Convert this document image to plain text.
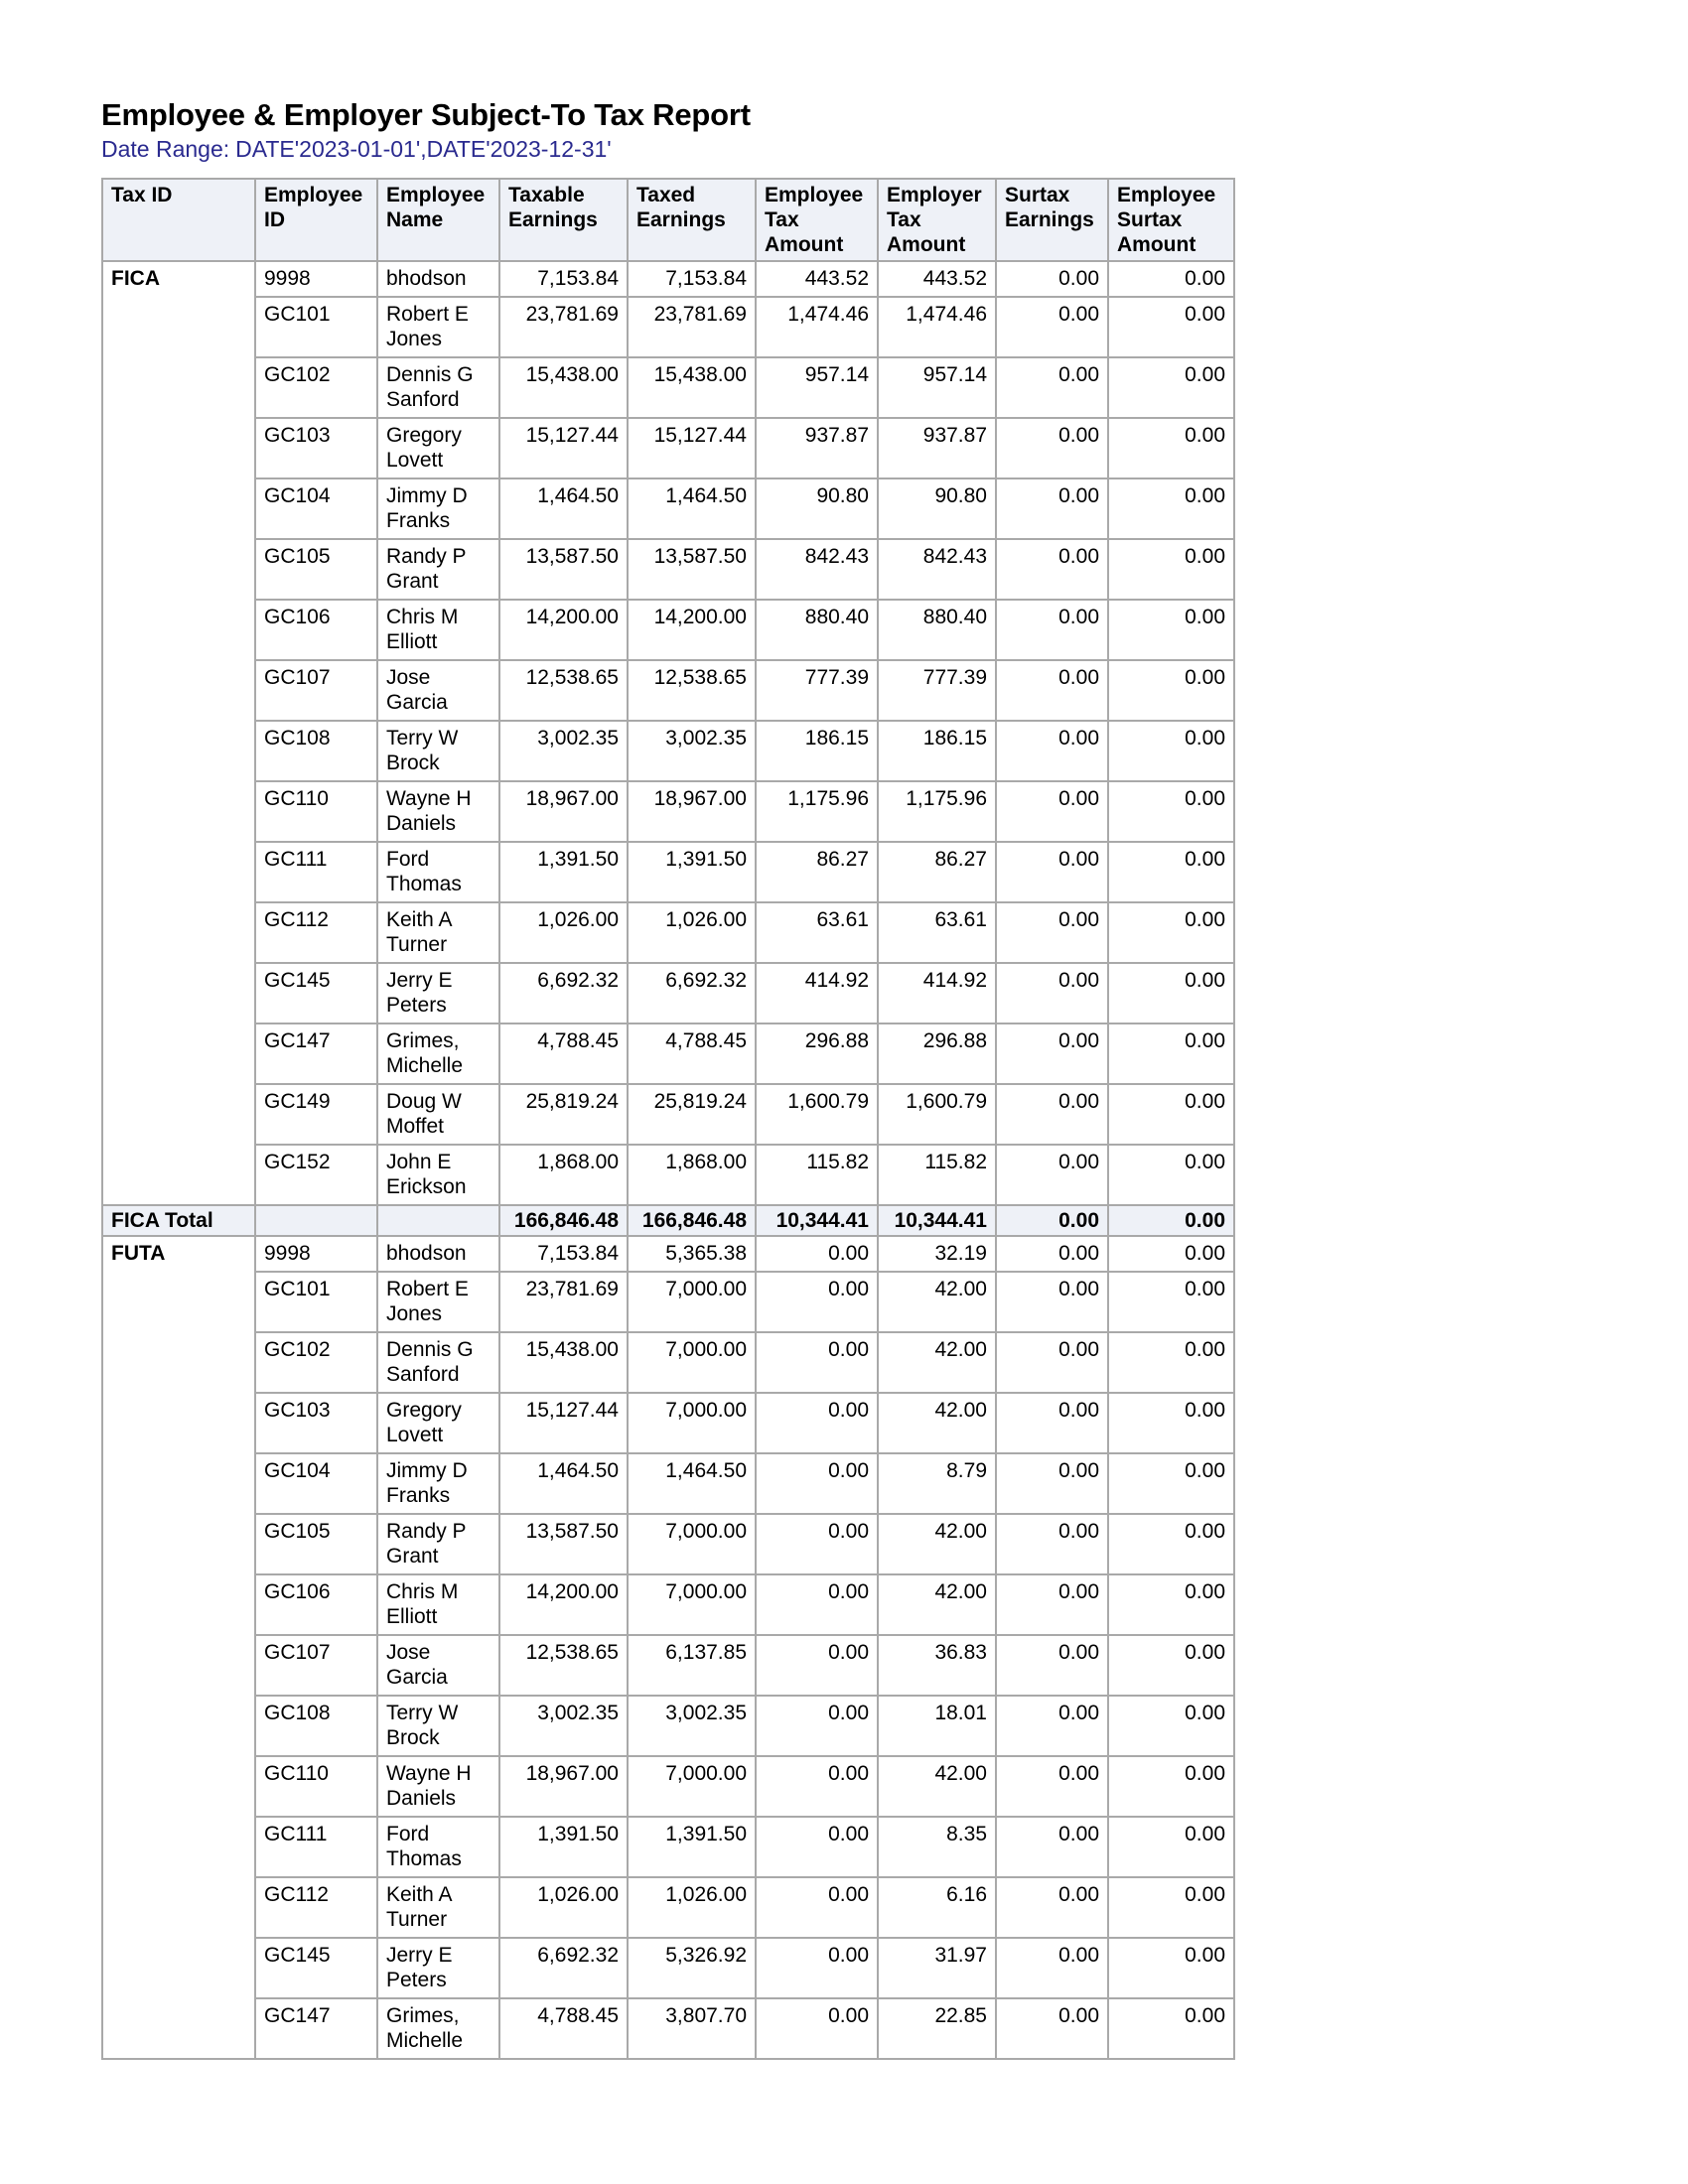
Employee & Employer Subject-To Tax Report
Date Range: DATE'2023-01-01',DATE'2023-12-31'
Tax ID	Employee ID	Employee Name	Taxable Earnings	Taxed Earnings	Employee Tax Amount	Employer Tax Amount	Surtax Earnings	Employee Surtax Amount
FICA	9998	bhodson	7,153.84	7,153.84	443.52	443.52	0.00	0.00
	GC101	Robert E Jones	23,781.69	23,781.69	1,474.46	1,474.46	0.00	0.00
	GC102	Dennis G Sanford	15,438.00	15,438.00	957.14	957.14	0.00	0.00
	GC103	Gregory Lovett	15,127.44	15,127.44	937.87	937.87	0.00	0.00
	GC104	Jimmy D Franks	1,464.50	1,464.50	90.80	90.80	0.00	0.00
	GC105	Randy P Grant	13,587.50	13,587.50	842.43	842.43	0.00	0.00
	GC106	Chris M Elliott	14,200.00	14,200.00	880.40	880.40	0.00	0.00
	GC107	Jose Garcia	12,538.65	12,538.65	777.39	777.39	0.00	0.00
	GC108	Terry W Brock	3,002.35	3,002.35	186.15	186.15	0.00	0.00
	GC110	Wayne H Daniels	18,967.00	18,967.00	1,175.96	1,175.96	0.00	0.00
	GC111	Ford Thomas	1,391.50	1,391.50	86.27	86.27	0.00	0.00
	GC112	Keith A Turner	1,026.00	1,026.00	63.61	63.61	0.00	0.00
	GC145	Jerry E Peters	6,692.32	6,692.32	414.92	414.92	0.00	0.00
	GC147	Grimes, Michelle	4,788.45	4,788.45	296.88	296.88	0.00	0.00
	GC149	Doug W Moffet	25,819.24	25,819.24	1,600.79	1,600.79	0.00	0.00
	GC152	John E Erickson	1,868.00	1,868.00	115.82	115.82	0.00	0.00
FICA Total			166,846.48	166,846.48	10,344.41	10,344.41	0.00	0.00
FUTA	9998	bhodson	7,153.84	5,365.38	0.00	32.19	0.00	0.00
	GC101	Robert E Jones	23,781.69	7,000.00	0.00	42.00	0.00	0.00
	GC102	Dennis G Sanford	15,438.00	7,000.00	0.00	42.00	0.00	0.00
	GC103	Gregory Lovett	15,127.44	7,000.00	0.00	42.00	0.00	0.00
	GC104	Jimmy D Franks	1,464.50	1,464.50	0.00	8.79	0.00	0.00
	GC105	Randy P Grant	13,587.50	7,000.00	0.00	42.00	0.00	0.00
	GC106	Chris M Elliott	14,200.00	7,000.00	0.00	42.00	0.00	0.00
	GC107	Jose Garcia	12,538.65	6,137.85	0.00	36.83	0.00	0.00
	GC108	Terry W Brock	3,002.35	3,002.35	0.00	18.01	0.00	0.00
	GC110	Wayne H Daniels	18,967.00	7,000.00	0.00	42.00	0.00	0.00
	GC111	Ford Thomas	1,391.50	1,391.50	0.00	8.35	0.00	0.00
	GC112	Keith A Turner	1,026.00	1,026.00	0.00	6.16	0.00	0.00
	GC145	Jerry E Peters	6,692.32	5,326.92	0.00	31.97	0.00	0.00
	GC147	Grimes, Michelle	4,788.45	3,807.70	0.00	22.85	0.00	0.00
